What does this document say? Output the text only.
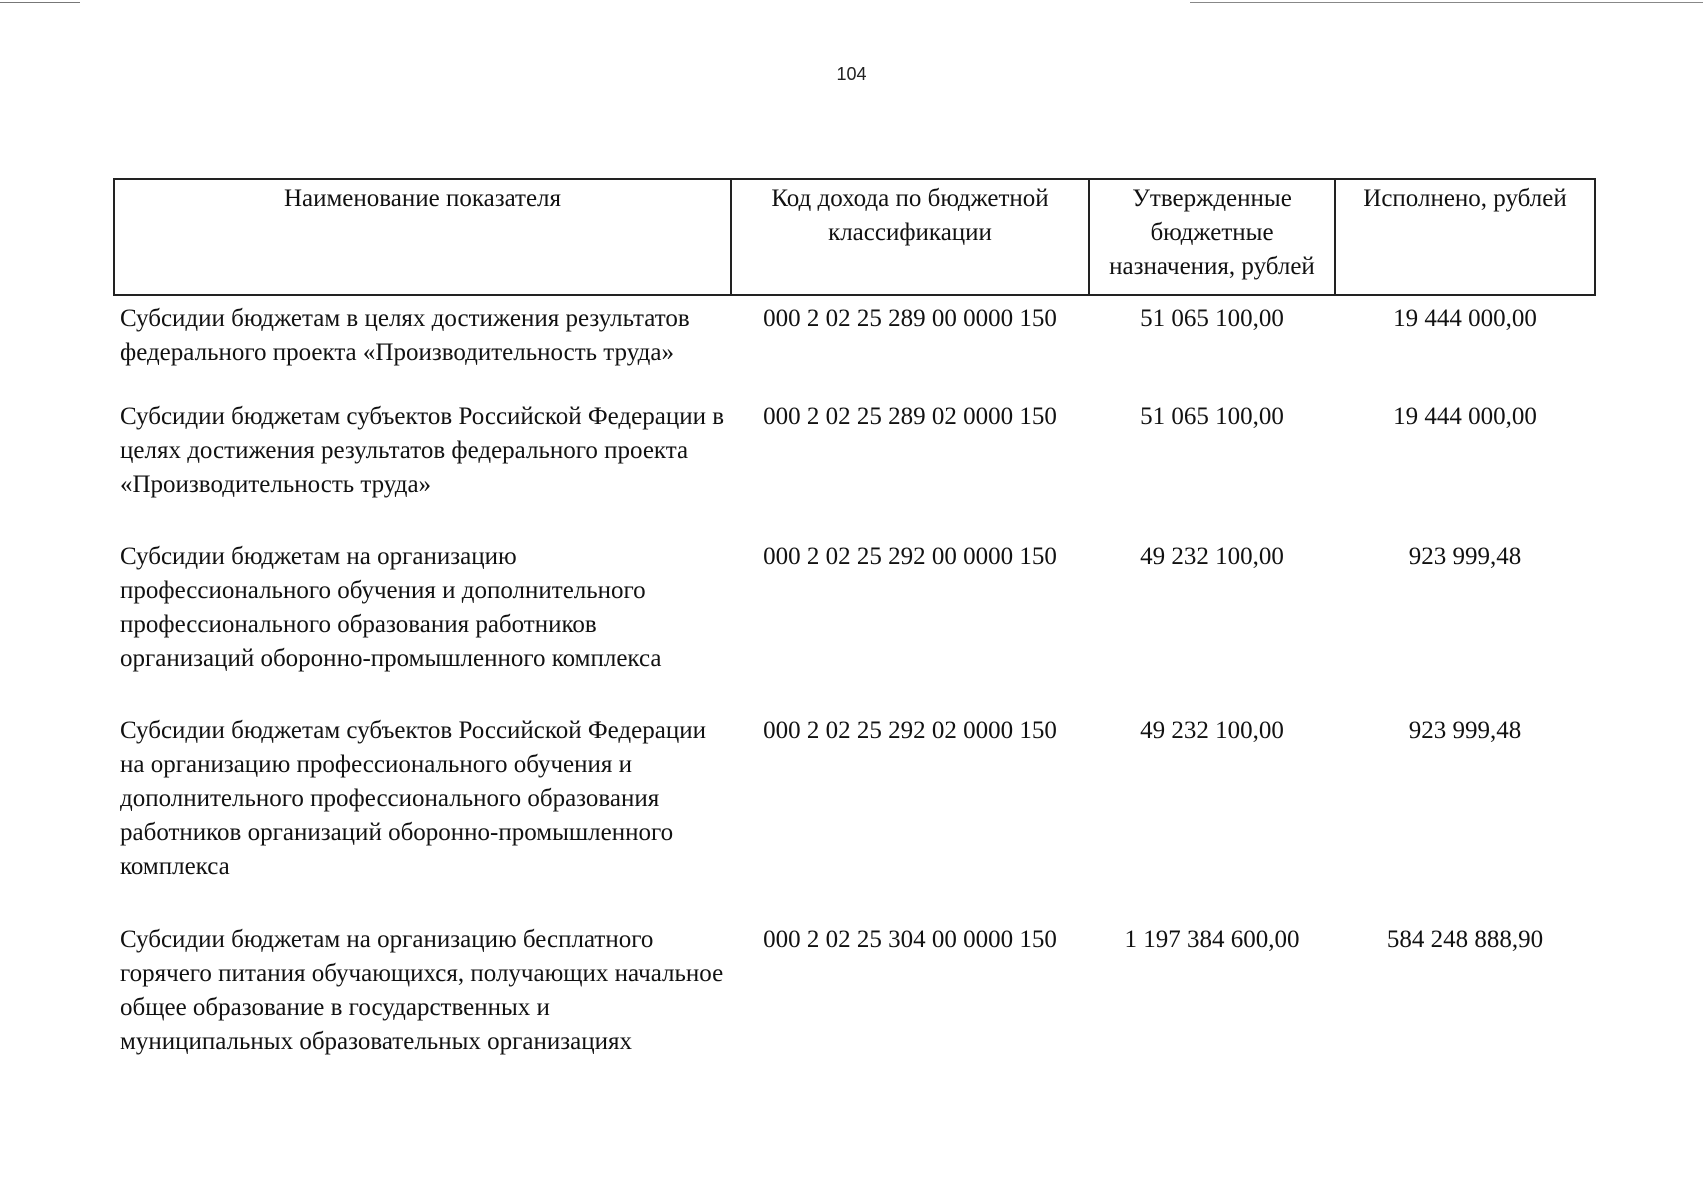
104
Наименование показателя	Код дохода по бюджетной классификации	Утвержденные бюджетные назначения, рублей	Исполнено, рублей
Субсидии бюджетам в целях достижения результатов федерального проекта «Производительность труда»	000 2 02 25 289 00 0000 150	51 065 100,00	19 444 000,00
Субсидии бюджетам субъектов Российской Федерации в целях достижения результатов федерального проекта «Производительность труда»	000 2 02 25 289 02 0000 150	51 065 100,00	19 444 000,00
Субсидии бюджетам на организацию профессионального обучения и дополнительного профессионального образования работников организаций оборонно-промышленного комплекса	000 2 02 25 292 00 0000 150	49 232 100,00	923 999,48
Субсидии бюджетам субъектов Российской Федерации на организацию профессионального обучения и дополнительного профессионального образования работников организаций оборонно-промышленного комплекса	000 2 02 25 292 02 0000 150	49 232 100,00	923 999,48
Субсидии бюджетам на организацию бесплатного горячего питания обучающихся, получающих начальное общее образование в государственных и муниципальных образовательных организациях	000 2 02 25 304 00 0000 150	1 197 384 600,00	584 248 888,90
